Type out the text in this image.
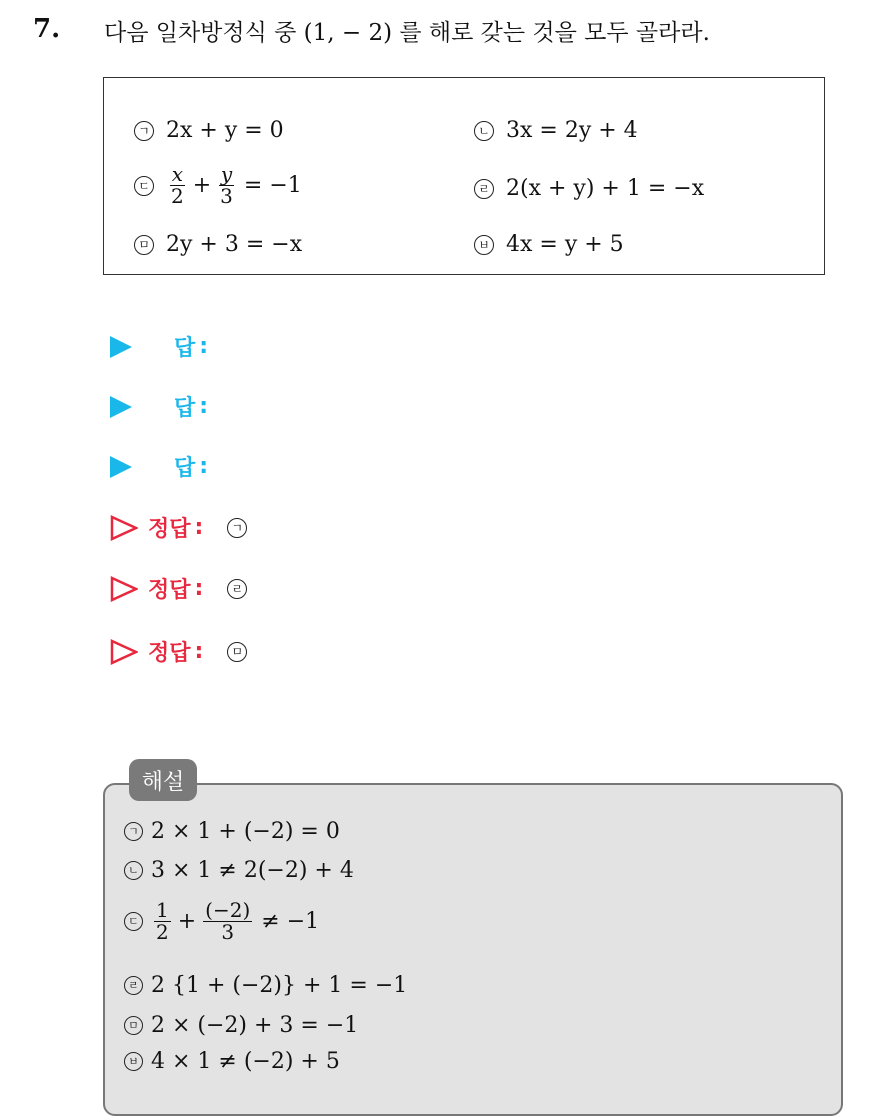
7. 다음 일차방정식 중 (1, − 2) 를 해로 갖는 것을 모두 골라라.
ㄱ 2x + y = 0	ㄴ 3x = 2y + 4
ㄷ $\frac{x}{2} + \frac{y}{3} = -1$	ㄹ 2(x + y) + 1 = −x
ㅁ 2y + 3 = −x	ㅂ 4x = y + 5
답 :
답 :
답 :
정답 :	ㄱ
정답 :	ㄹ
정답 :	ㅁ
해설
ㄱ 2 × 1 + (−2) = 0
ㄴ 3 × 1 ≠ 2(−2) + 4
ㄷ $\frac{1}{2} + \frac{(-2)}{3} \ne -1$
ㄹ 2 {1 + (−2)} + 1 = −1
ㅁ 2 × (−2) + 3 = −1
ㅂ 4 × 1 ≠ (−2) + 5
